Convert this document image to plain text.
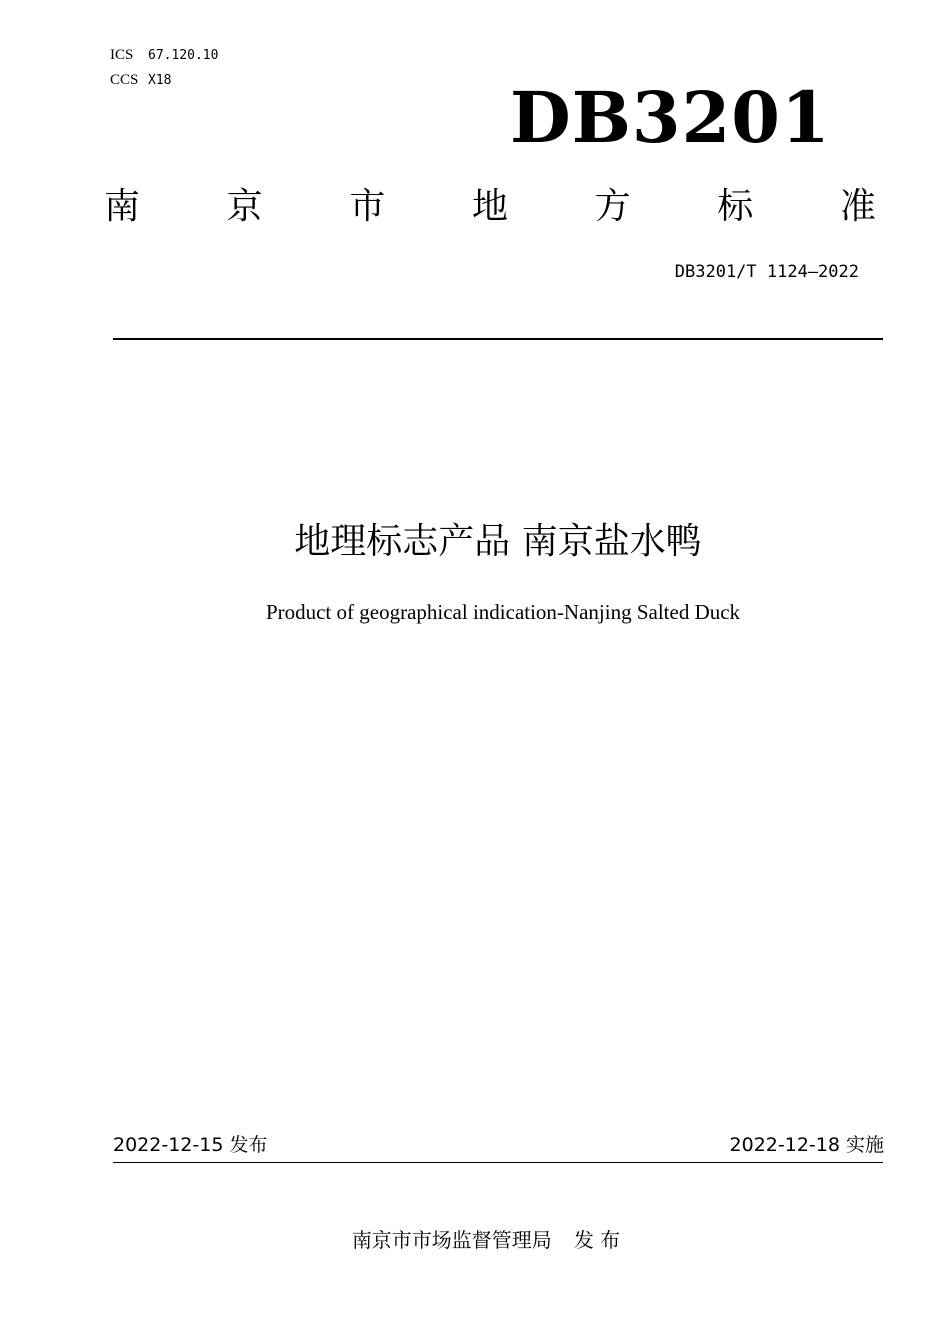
ICS 67.120.10
CCS X18	DB3201
南 京 市 地 方 标 准
DB3201/T 1124—2022
地理标志产品 南京盐水鸭
Product of geographical indication-Nanjing Salted Duck
2022-12-15 发布	2022-12-18 实施
南京市市场监督管理局 发 布
